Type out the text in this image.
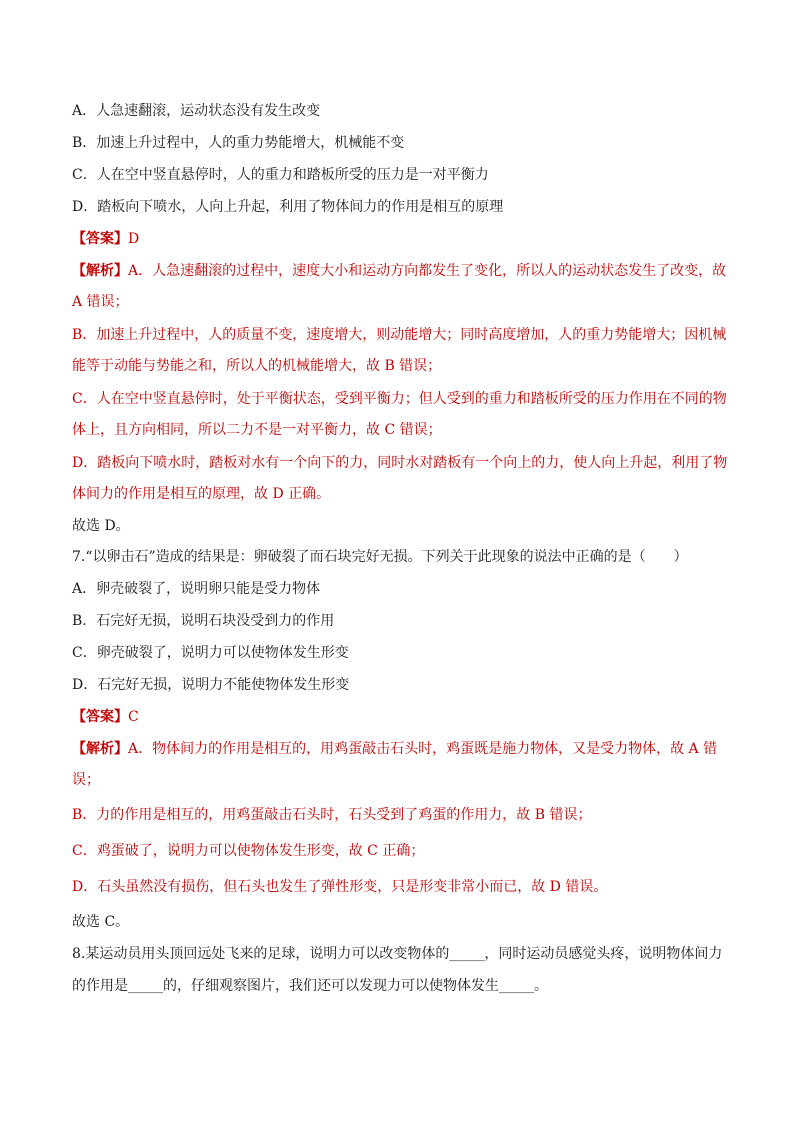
A．人急速翻滚，运动状态没有发生改变
B．加速上升过程中，人的重力势能增大，机械能不变
C．人在空中竖直悬停时，人的重力和踏板所受的压力是一对平衡力
D．踏板向下喷水，人向上升起，利用了物体间力的作用是相互的原理
【答案】D
【解析】A．人急速翻滚的过程中，速度大小和运动方向都发生了变化，所以人的运动状态发生了改变，故
A 错误；
B．加速上升过程中，人的质量不变，速度增大，则动能增大；同时高度增加，人的重力势能增大；因机械
能等于动能与势能之和，所以人的机械能增大，故 B 错误；
C．人在空中竖直悬停时，处于平衡状态，受到平衡力；但人受到的重力和踏板所受的压力作用在不同的物
体上，且方向相同，所以二力不是一对平衡力，故 C 错误；
D．踏板向下喷水时，踏板对水有一个向下的力，同时水对踏板有一个向上的力，使人向上升起，利用了物
体间力的作用是相互的原理，故 D 正确。
故选 D。
7.“以卵击石”造成的结果是：卵破裂了而石块完好无损。下列关于此现象的说法中正确的是（　　）
A．卵壳破裂了，说明卵只能是受力物体
B．石完好无损，说明石块没受到力的作用
C．卵壳破裂了，说明力可以使物体发生形变
D．石完好无损，说明力不能使物体发生形变
【答案】C
【解析】A．物体间力的作用是相互的，用鸡蛋敲击石头时，鸡蛋既是施力物体，又是受力物体，故 A 错
误；
B．力的作用是相互的，用鸡蛋敲击石头时，石头受到了鸡蛋的作用力，故 B 错误；
C．鸡蛋破了，说明力可以使物体发生形变，故 C 正确；
D．石头虽然没有损伤，但石头也发生了弹性形变，只是形变非常小而已，故 D 错误。
故选 C。
8.某运动员用头顶回远处飞来的足球，说明力可以改变物体的_____，同时运动员感觉头疼，说明物体间力
的作用是_____的，仔细观察图片，我们还可以发现力可以使物体发生_____。
